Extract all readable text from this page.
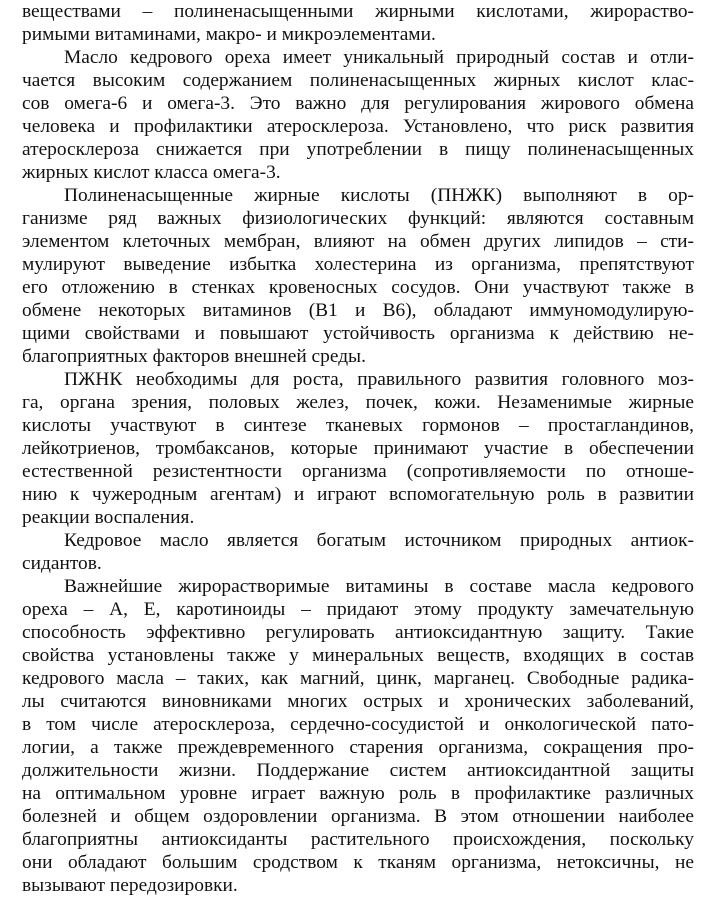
веществами – полиненасыщенными жирными кислотами, жирораство-
римыми витаминами, макро- и микроэлементами.
Масло кедрового ореха имеет уникальный природный состав и отли-
чается высоким содержанием полиненасыщенных жирных кислот клас-
сов омега-6 и омега-3. Это важно для регулирования жирового обмена
человека и профилактики атеросклероза. Установлено, что риск развития
атеросклероза снижается при употреблении в пищу полиненасыщенных
жирных кислот класса омега-3.
Полиненасыщенные жирные кислоты (ПНЖК) выполняют в ор-
ганизме ряд важных физиологических функций: являются составным
элементом клеточных мембран, влияют на обмен других липидов – сти-
мулируют выведение избытка холестерина из организма, препятствуют
его отложению в стенках кровеносных сосудов. Они участвуют также в
обмене некоторых витаминов (В1 и В6), обладают иммуномодулирую-
щими свойствами и повышают устойчивость организма к действию не-
благоприятных факторов внешней среды.
ПЖНК необходимы для роста, правильного развития головного моз-
га, органа зрения, половых желез, почек, кожи. Незаменимые жирные
кислоты участвуют в синтезе тканевых гормонов – простагландинов,
лейкотриенов, тромбаксанов, которые принимают участие в обеспечении
естественной резистентности организма (сопротивляемости по отноше-
нию к чужеродным агентам) и играют вспомогательную роль в развитии
реакции воспаления.
Кедровое масло является богатым источником природных антиок-
сидантов.
Важнейшие жирорастворимые витамины в составе масла кедрового
ореха – А, Е, каротиноиды – придают этому продукту замечательную
способность эффективно регулировать антиоксидантную защиту. Такие
свойства установлены также у минеральных веществ, входящих в состав
кедрового масла – таких, как магний, цинк, марганец. Свободные радика-
лы считаются виновниками многих острых и хронических заболеваний,
в том числе атеросклероза, сердечно-сосудистой и онкологической пато-
логии, а также преждевременного старения организма, сокращения про-
должительности жизни. Поддержание систем антиоксидантной защиты
на оптимальном уровне играет важную роль в профилактике различных
болезней и общем оздоровлении организма. В этом отношении наиболее
благоприятны антиоксиданты растительного происхождения, поскольку
они обладают большим сродством к тканям организма, нетоксичны, не
вызывают передозировки.
